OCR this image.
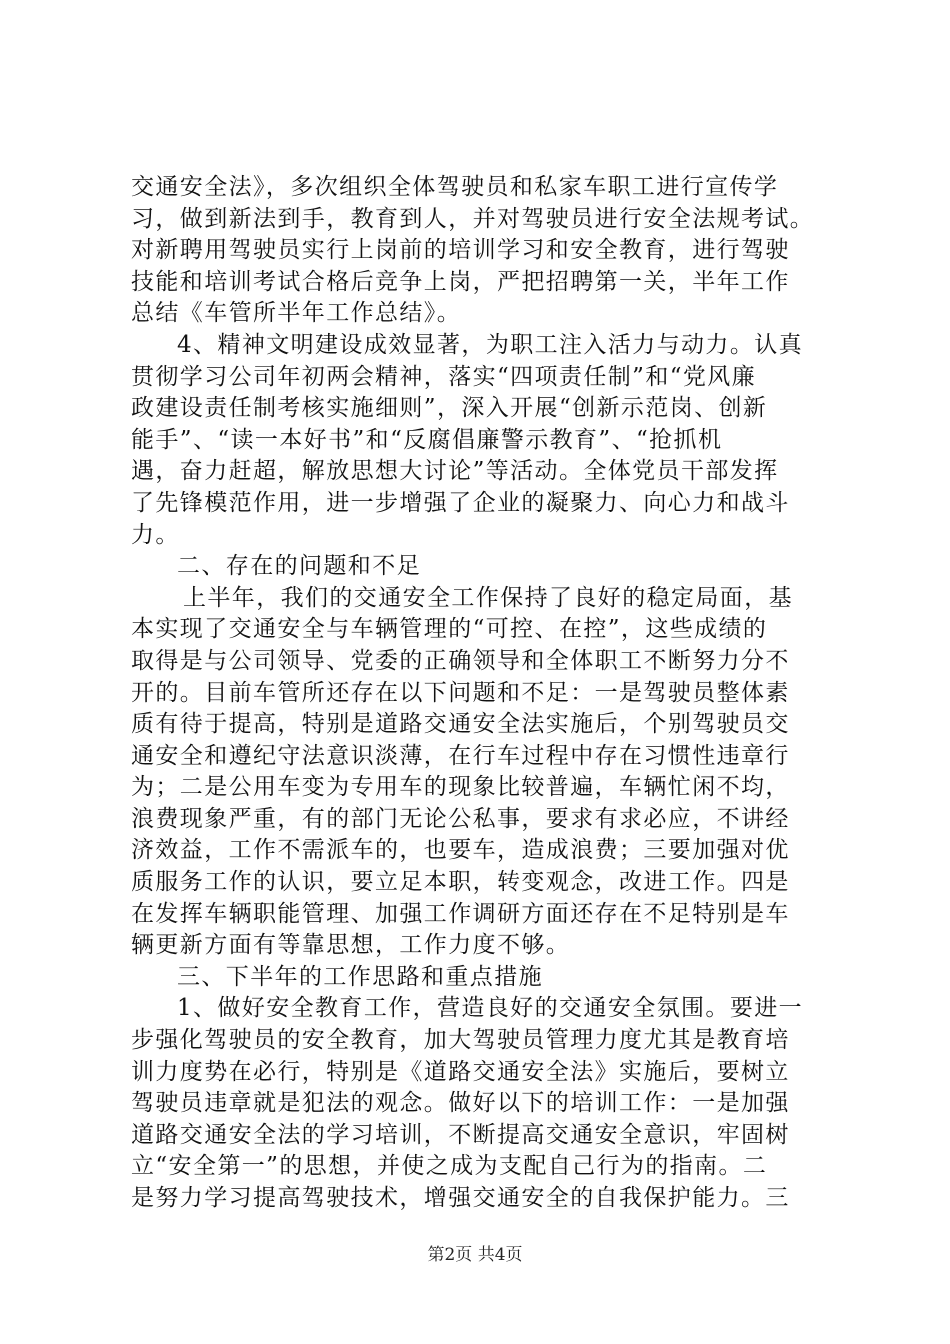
交通安全法》，多次组织全体驾驶员和私家车职工进行宣传学
习，做到新法到手，教育到人，并对驾驶员进行安全法规考试。
对新聘用驾驶员实行上岗前的培训学习和安全教育，进行驾驶
技能和培训考试合格后竞争上岗，严把招聘第一关，半年工作
总结《车管所半年工作总结》。
4、精神文明建设成效显著，为职工注入活力与动力。认真
贯彻学习公司年初两会精神，落实“四项责任制”和“党风廉
政建设责任制考核实施细则”，深入开展“创新示范岗、创新
能手”、“读一本好书”和“反腐倡廉警示教育”、“抢抓机
遇，奋力赶超，解放思想大讨论”等活动。全体党员干部发挥
了先锋模范作用，进一步增强了企业的凝聚力、向心力和战斗
力。
二、存在的问题和不足
上半年，我们的交通安全工作保持了良好的稳定局面，基
本实现了交通安全与车辆管理的“可控、在控”，这些成绩的
取得是与公司领导、党委的正确领导和全体职工不断努力分不
开的。目前车管所还存在以下问题和不足：一是驾驶员整体素
质有待于提高，特别是道路交通安全法实施后，个别驾驶员交
通安全和遵纪守法意识淡薄，在行车过程中存在习惯性违章行
为；二是公用车变为专用车的现象比较普遍，车辆忙闲不均，
浪费现象严重，有的部门无论公私事，要求有求必应，不讲经
济效益，工作不需派车的，也要车，造成浪费；三要加强对优
质服务工作的认识，要立足本职，转变观念，改进工作。四是
在发挥车辆职能管理、加强工作调研方面还存在不足特别是车
辆更新方面有等靠思想，工作力度不够。
三、下半年的工作思路和重点措施
1、做好安全教育工作，营造良好的交通安全氛围。要进一
步强化驾驶员的安全教育，加大驾驶员管理力度尤其是教育培
训力度势在必行，特别是《道路交通安全法》实施后，要树立
驾驶员违章就是犯法的观念。做好以下的培训工作：一是加强
道路交通安全法的学习培训，不断提高交通安全意识，牢固树
立“安全第一”的思想，并使之成为支配自己行为的指南。二
是努力学习提高驾驶技术，增强交通安全的自我保护能力。三
第2页 共4页
